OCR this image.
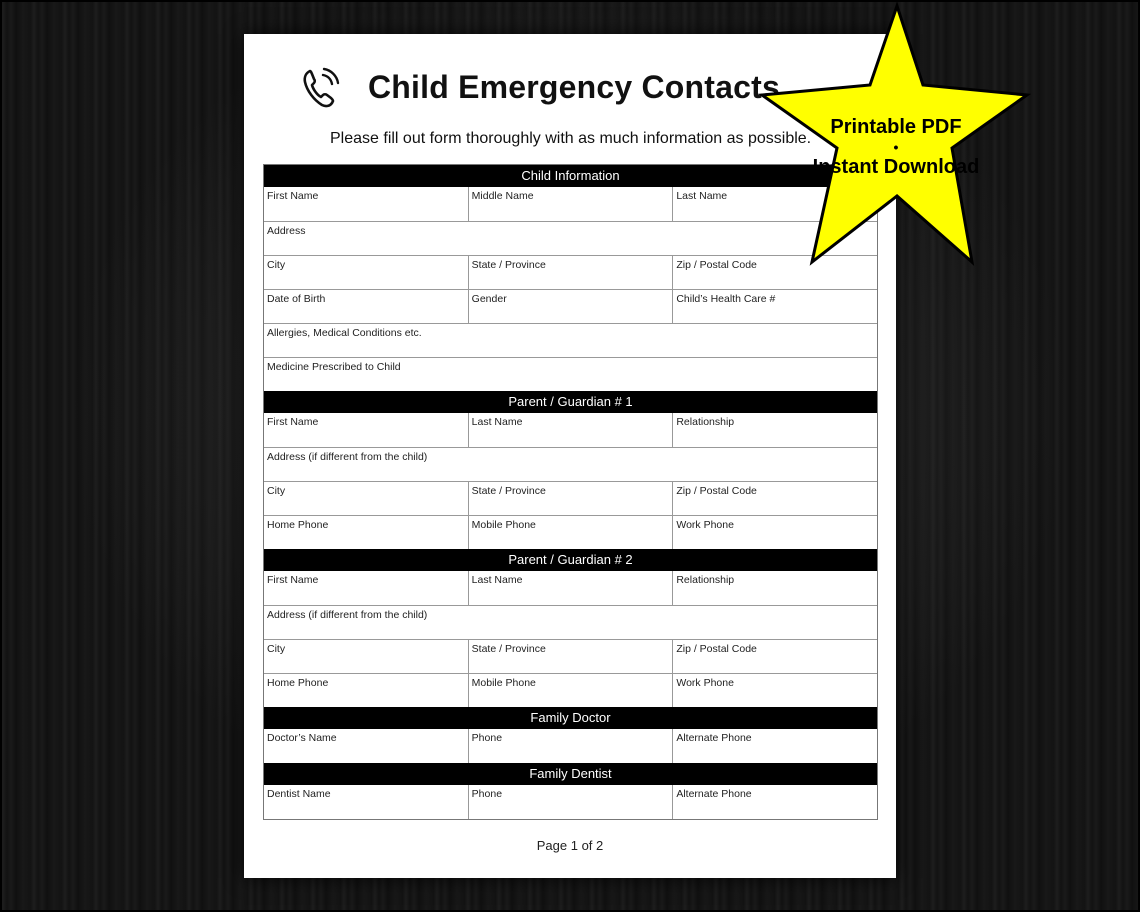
Child Emergency Contacts
Please fill out form thoroughly with as much information as possible.
Child Information
First Name	Middle Name	Last Name
Address
City	State / Province	Zip / Postal Code
Date of Birth	Gender	Child’s Health Care #
Allergies, Medical Conditions etc.
Medicine Prescribed to Child
Parent / Guardian # 1
First Name	Last Name	Relationship
Address (if different from the child)
City	State / Province	Zip / Postal Code
Home Phone	Mobile Phone	Work Phone
Parent / Guardian # 2
First Name	Last Name	Relationship
Address (if different from the child)
City	State / Province	Zip / Postal Code
Home Phone	Mobile Phone	Work Phone
Family Doctor
Doctor’s Name	Phone	Alternate Phone
Family Dentist
Dentist Name	Phone	Alternate Phone
Page 1 of 2
Printable PDF
•
Instant Download
